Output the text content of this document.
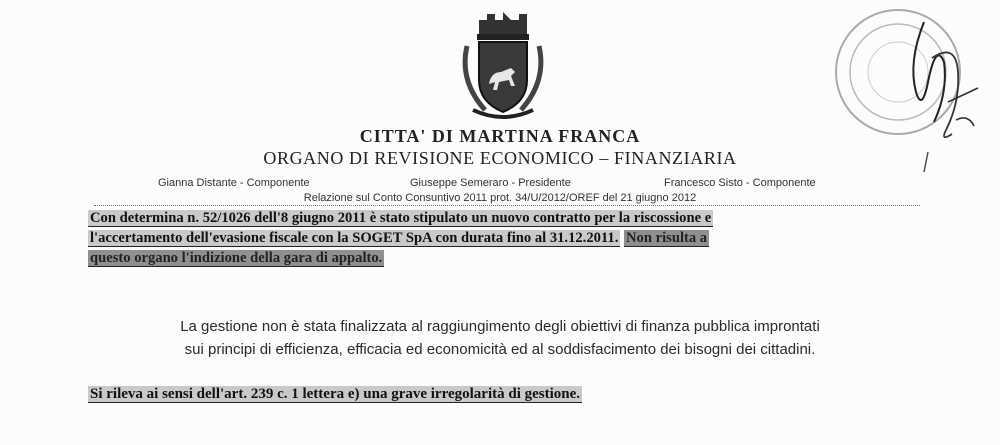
CITTA' DI MARTINA FRANCA
ORGANO DI REVISIONE ECONOMICO – FINANZIARIA
Gianna Distante - Componente	Giuseppe Semeraro - Presidente	Francesco Sisto - Componente
Relazione sul Conto Consuntivo 2011 prot. 34/U/2012/OREF del 21 giugno 2012
Con determina n. 52/1026 dell'8 giugno 2011 è stato stipulato un nuovo contratto per la riscossione e
l'accertamento dell'evasione fiscale con la SOGET SpA con durata fino al 31.12.2011. Non risulta a
questo organo l'indizione della gara di appalto.
La gestione non è stata finalizzata al raggiungimento degli obiettivi di finanza pubblica improntati
sui principi di efficienza, efficacia ed economicità ed al soddisfacimento dei bisogni dei cittadini.
Si rileva ai sensi dell'art. 239 c. 1 lettera e) una grave irregolarità di gestione.
